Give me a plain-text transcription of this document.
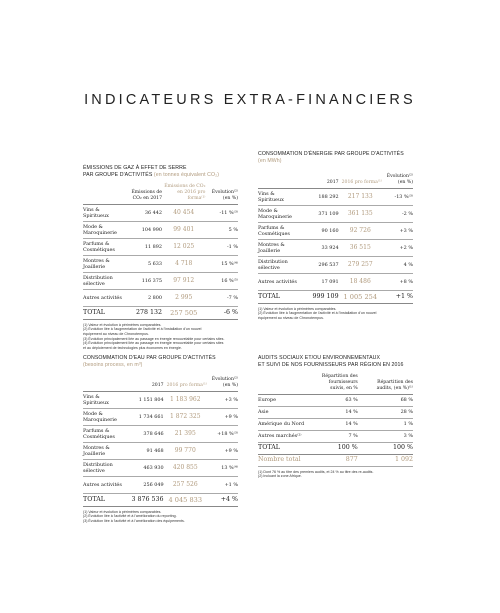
INDICATEURS EXTRA-FINANCIERS
ÉMISSIONS DE GAZ À EFFET DE SERRE
PAR GROUPE D'ACTIVITÉS (en tonnes équivalent CO₂)
	Émissions de CO₂ en 2017	Émissions de CO₂ en 2016 pro forma⁽¹⁾	Évolution⁽²⁾ (en %)
Vins & Spiritueux	36 442	40 454	-11 %⁽³⁾
Mode & Maroquinerie	104 990	99 401	5 %
Parfums & Cosmétiques	11 892	12 025	-1 %
Montres & Joaillerie	5 633	4 718	15 %⁽⁴⁾
Distribution sélective	116 375	97 912	16 %⁽⁵⁾
Autres activités	2 800	2 995	-7 %
TOTAL	278 132	257 505	-6 %
(1) Valeur et évolution à périmètres comparables.
(2) Évolution liée à l'augmentation de l'activité et à l'installation d'un nouvel
équipement au niveau de Chronotempus.
(3) Évolution principalement liée au passage en énergie renouvelable pour certains sites.
(4) Évolution principalement liée au passage en énergie renouvelable pour certains sites
et au déploiement de technologies plus économes en énergie.
CONSOMMATION D'ÉNERGIE PAR GROUPE D'ACTIVITÉS
(en MWh)
	2017	2016 pro forma⁽¹⁾	Évolution⁽²⁾ (en %)
Vins & Spiritueux	188 292	217 133	-13 %⁽³⁾
Mode & Maroquinerie	371 109	361 135	-2 %
Parfums & Cosmétiques	90 160	92 726	+3 %
Montres & Joaillerie	33 924	36 515	+2 %
Distribution sélective	296 537	279 257	4 %
Autres activités	17 091	18 486	+8 %
TOTAL	999 109	1 005 254	+1 %
(1) Valeur et évolution à périmètres comparables.
(2) Évolution liée à l'augmentation de l'activité et à l'installation d'un nouvel
équipement au niveau de Chronotempus.
CONSOMMATION D'EAU PAR GROUPE D'ACTIVITÉS
(besoins process, en m³)
	2017	2016 pro forma⁽¹⁾	Évolution⁽²⁾ (en %)
Vins & Spiritueux	1 151 804	1 183 962	+3 %
Mode & Maroquinerie	1 734 661	1 872 325	+9 %
Parfums & Cosmétiques	378 646	21 395	+18 %⁽³⁾
Montres & Joaillerie	91 468	99 770	+9 %
Distribution sélective	463 930	420 855	13 %⁽⁴⁾
Autres activités	256 049	257 526	+1 %
TOTAL	3 876 536	4 045 833	+4 %
(1) Valeur et évolution à périmètres comparables.
(2) Évolution liée à l'activité et à l'amélioration du reporting.
(3) Évolution liée à l'activité et à l'amélioration des équipements.
AUDITS SOCIAUX ET/OU ENVIRONNEMENTAUX
ET SUIVI DE NOS FOURNISSEURS PAR RÉGION EN 2016
	Répartition des fournisseurs suivis, en %	Répartition des audits, (en %)⁽¹⁾
Europe	63 %	68 %
Asie	14 %	28 %
Amérique du Nord	14 %	1 %
Autres marchés⁽²⁾	7 %	3 %
TOTAL	100 %	100 %
Nombre total	877	1 092
(1) Dont 76 % au titre des premiers audits, et 24 % au titre des re-audits.
(2) Incluant la zone Afrique.
